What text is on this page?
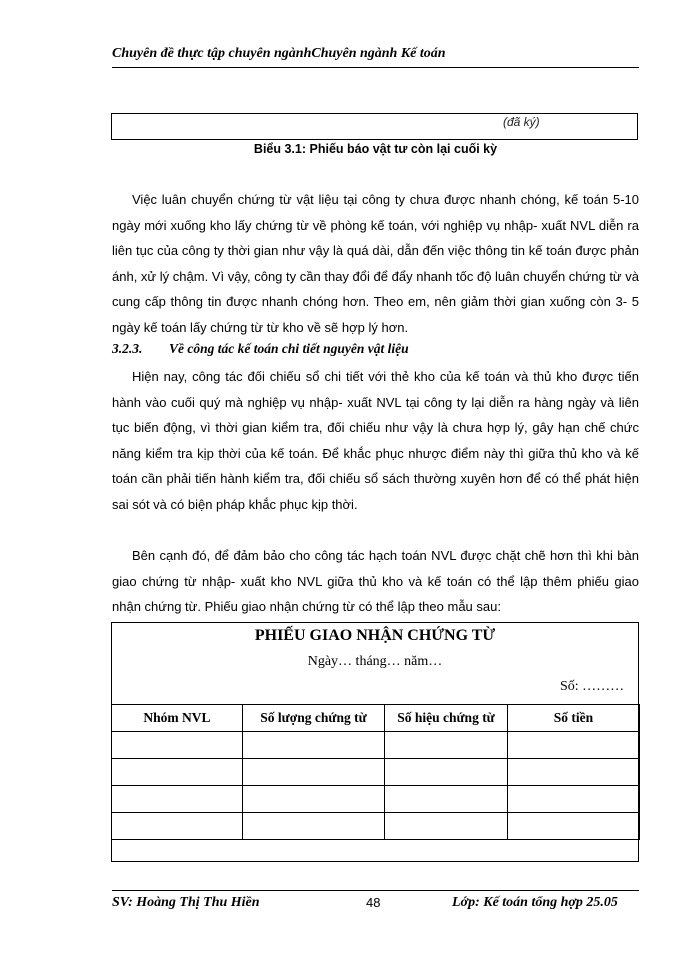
Chuyên đề thực tập chuyên ngànhChuyên ngành Kế toán
(đã ký)
Biểu 3.1: Phiếu báo vật tư còn lại cuối kỳ

Việc luân chuyển chứng từ vật liệu tại công ty chưa được nhanh chóng, kế toán 5-10 ngày mới xuống kho lấy chứng từ về phòng kế toán, với nghiệp vụ nhập- xuất NVL diễn ra liên tục của công ty thời gian như vậy là quá dài, dẫn đến việc thông tin kế toán được phản ánh, xử lý chậm. Vì vậy, công ty cần thay đổi để đẩy nhanh tốc độ luân chuyển chứng từ và cung cấp thông tin được nhanh chóng hơn. Theo em, nên giảm thời gian xuống còn 3- 5 ngày kế toán lấy chứng từ từ kho về sẽ hợp lý hơn.

3.2.3. Về công tác kế toán chi tiết nguyên vật liệu

Hiện nay, công tác đối chiếu sổ chi tiết với thẻ kho của kế toán và thủ kho được tiến hành vào cuối quý mà nghiệp vụ nhập- xuất NVL tại công ty lại diễn ra hàng ngày và liên tục biến động, vì thời gian kiểm tra, đối chiếu như vậy là chưa hợp lý, gây hạn chế chức năng kiểm tra kịp thời của kế toán. Để khắc phục nhược điểm này thì giữa thủ kho và kế toán cần phải tiến hành kiểm tra, đối chiếu sổ sách thường xuyên hơn để có thể phát hiện sai sót và có biện pháp khắc phục kịp thời.

Bên cạnh đó, để đảm bảo cho công tác hạch toán NVL được chặt chẽ hơn thì khi bàn giao chứng từ nhập- xuất kho NVL giữa thủ kho và kế toán có thể lập thêm phiếu giao nhận chứng từ. Phiếu giao nhận chứng từ có thể lập theo mẫu sau:

PHIẾU GIAO NHẬN CHỨNG TỪ
Ngày… tháng… năm…
Số: ………
Nhóm NVL	Số lượng chứng từ	Số hiệu chứng từ	Số tiền

SV: Hoàng Thị Thu Hiền	48	Lớp: Kế toán tổng hợp 25.05
